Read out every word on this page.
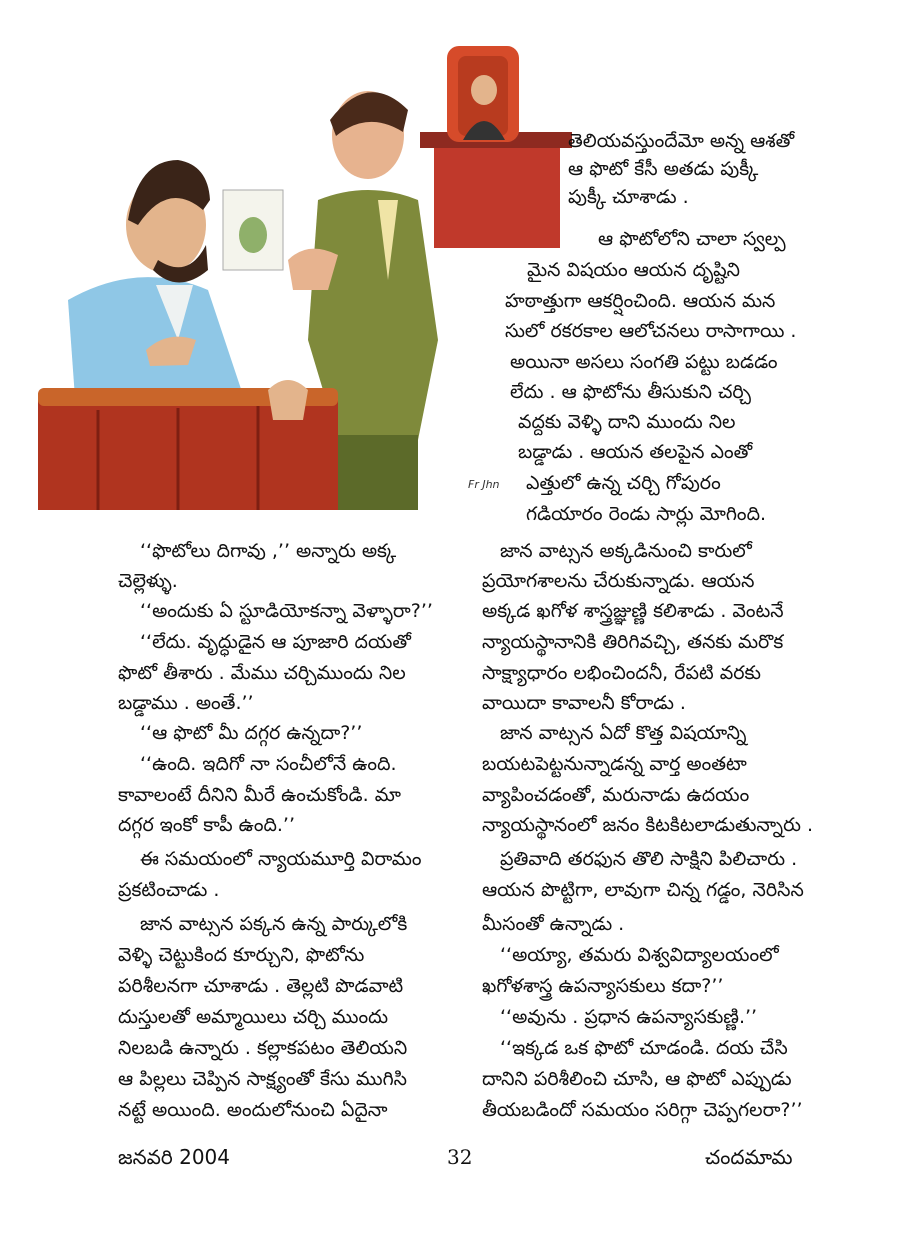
Fr Jhn
తెలియవస్తుందేమో అన్న ఆశతో
ఆ ఫొటో కేసీ అతడు పుక్కీ
పుక్కీ చూశాడు .
ఆ ఫొటోలోని చాలా స్వల్ప
మైన విషయం ఆయన దృష్టిని
హఠాత్తుగా ఆకర్షించింది. ఆయన మన
సులో రకరకాల ఆలోచనలు రాసాగాయి .
అయినా అసలు సంగతి పట్టు బడడం
లేదు . ఆ ఫొటోను తీసుకుని చర్చి
వద్దకు వెళ్ళి దాని ముందు నిల
బడ్డాడు . ఆయన తలపైన ఎంతో
ఎత్తులో ఉన్న చర్చి గోపురం
గడియారం రెండు సార్లు మోగింది.
‘‘ఫొటోలు దిగావు ,’’ అన్నారు అక్క
చెల్లెళ్ళు.
‘‘అందుకు ఏ స్టూడియోకన్నా వెళ్ళారా?’’
‘‘లేదు. వృద్ధుడైన ఆ పూజారి దయతో
ఫొటో తీశారు . మేము చర్చిముందు నిల
బడ్డాము . అంతే.’’
‘‘ఆ ఫొటో మీ దగ్గర ఉన్నదా?’’
‘‘ఉంది. ఇదిగో నా సంచీలోనే ఉంది.
కావాలంటే దీనిని మీరే ఉంచుకోండి. మా
దగ్గర ఇంకో కాపీ ఉంది.’’
ఈ సమయంలో న్యాయమూర్తి విరామం
ప్రకటించాడు .
జాన వాట్సన పక్కన ఉన్న పార్కులోకి
వెళ్ళి చెట్టుకింద కూర్చుని, ఫొటోను
పరిశీలనగా చూశాడు . తెల్లటి పొడవాటి
దుస్తులతో అమ్మాయిలు చర్చి ముందు
నిలబడి ఉన్నారు . కల్లాకపటం తెలియని
ఆ పిల్లలు చెప్పిన సాక్ష్యంతో కేసు ముగిసి
నట్టే అయింది. అందులోనుంచి ఏదైనా
జాన వాట్సన అక్కడినుంచి కారులో
ప్రయోగశాలను చేరుకున్నాడు. ఆయన
అక్కడ ఖగోళ శాస్త్రజ్ఞుణ్ణి కలిశాడు . వెంటనే
న్యాయస్థానానికి తిరిగివచ్చి, తనకు మరొక
సాక్ష్యాధారం లభించిందనీ, రేపటి వరకు
వాయిదా కావాలనీ కోరాడు .
జాన వాట్సన ఏదో కొత్త విషయాన్ని
బయటపెట్టనున్నాడన్న వార్త అంతటా
వ్యాపించడంతో, మరునాడు ఉదయం
న్యాయస్థానంలో జనం కిటకిటలాడుతున్నారు .
ప్రతివాది తరఫున తొలి సాక్షిని పిలిచారు .
ఆయన పొట్టిగా, లావుగా చిన్న గడ్డం, నెరిసిన
మీసంతో ఉన్నాడు .
‘‘అయ్యా, తమరు విశ్వవిద్యాలయంలో
ఖగోళశాస్త్ర ఉపన్యాసకులు కదా?’’
‘‘అవును . ప్రధాన ఉపన్యాసకుణ్ణి.’’
‘‘ఇక్కడ ఒక ఫొటో చూడండి. దయ చేసి
దానిని పరిశీలించి చూసి, ఆ ఫొటో ఎప్పుడు
తీయబడిందో సమయం సరిగ్గా చెప్పగలరా?’’
జనవరి 2004	32	చందమామ
